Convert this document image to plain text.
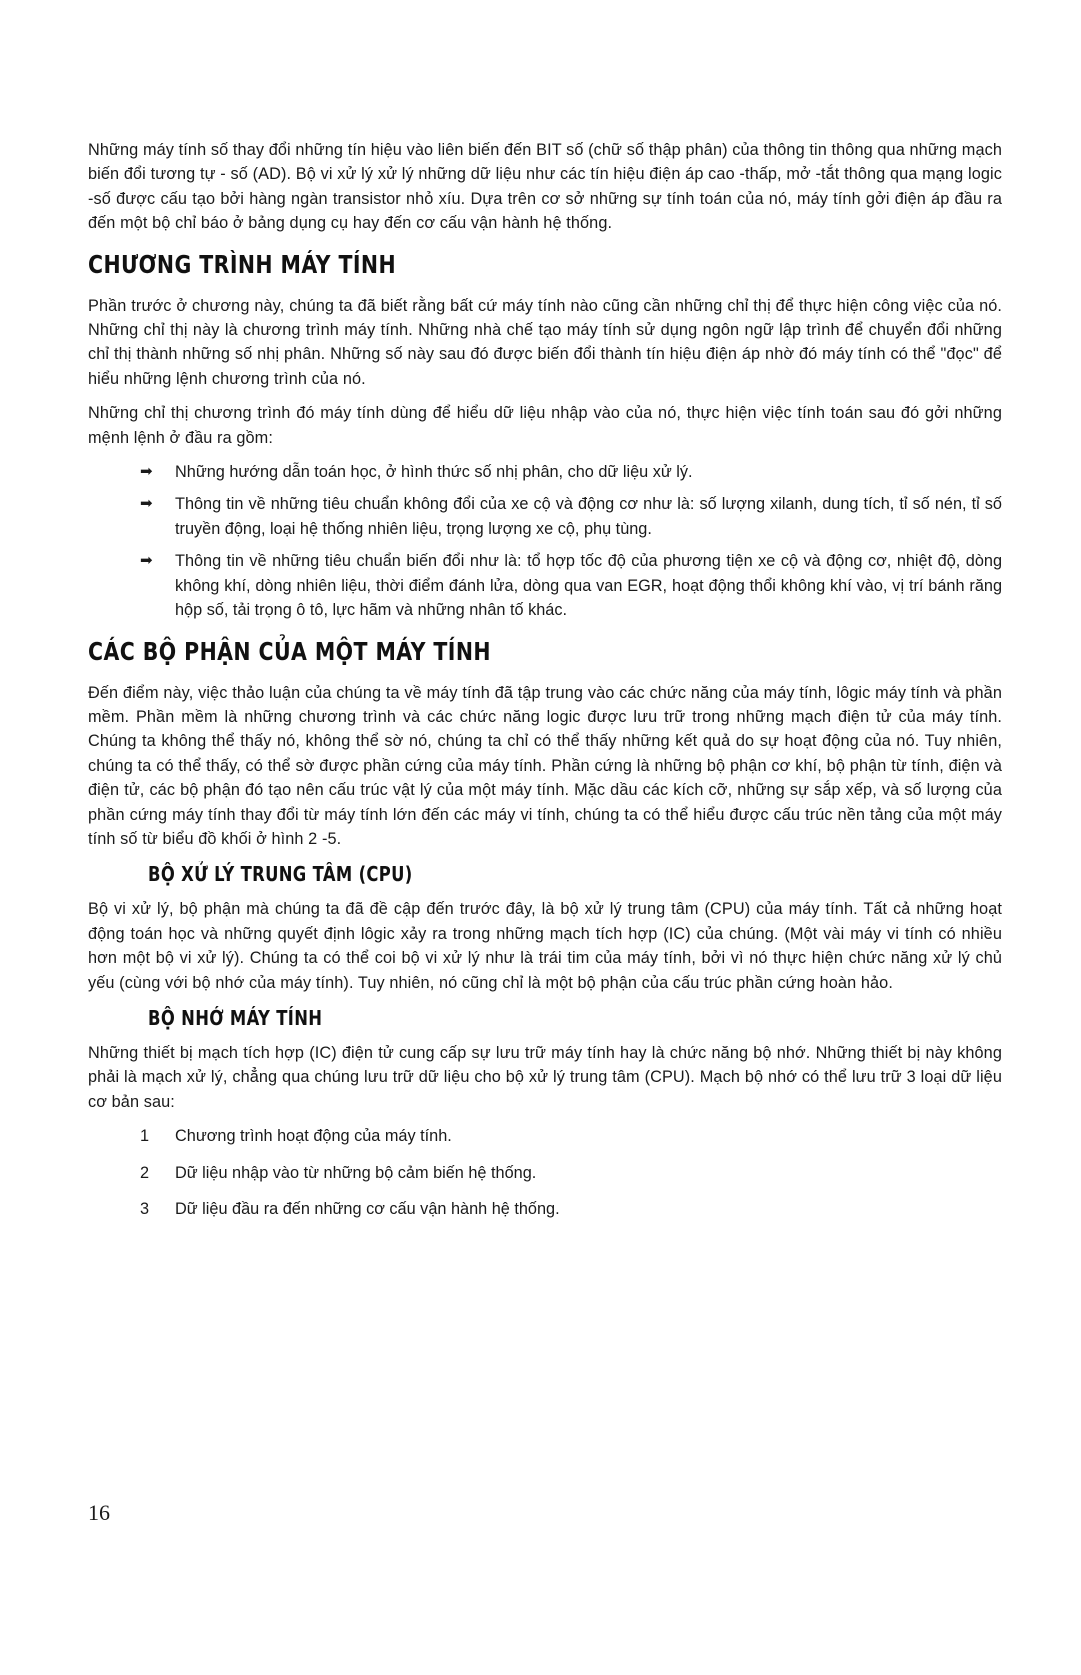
Những máy tính số thay đổi những tín hiệu vào liên biến đến BIT số (chữ số thập phân) của thông tin thông qua những mạch biến đổi tương tự - số (AD). Bộ vi xử lý xử lý những dữ liệu như các tín hiệu điện áp cao -thấp, mở -tắt thông qua mạng logic -số được cấu tạo bởi hàng ngàn transistor nhỏ xíu. Dựa trên cơ sở những sự tính toán của nó, máy tính gởi điện áp đầu ra đến một bộ chỉ báo ở bảng dụng cụ hay đến cơ cấu vận hành hệ thống.

CHƯƠNG TRÌNH MÁY TÍNH

Phần trước ở chương này, chúng ta đã biết rằng bất cứ máy tính nào cũng cần những chỉ thị để thực hiện công việc của nó. Những chỉ thị này là chương trình máy tính. Những nhà chế tạo máy tính sử dụng ngôn ngữ lập trình để chuyển đổi những chỉ thị thành những số nhị phân. Những số này sau đó được biến đổi thành tín hiệu điện áp nhờ đó máy tính có thể "đọc" để hiểu những lệnh chương trình của nó.

Những chỉ thị chương trình đó máy tính dùng để hiểu dữ liệu nhập vào của nó, thực hiện việc tính toán sau đó gởi những mệnh lệnh ở đầu ra gồm:

➡ Những hướng dẫn toán học, ở hình thức số nhị phân, cho dữ liệu xử lý.
➡ Thông tin về những tiêu chuẩn không đổi của xe cộ và động cơ như là: số lượng xilanh, dung tích, tỉ số nén, tỉ số truyền động, loại hệ thống nhiên liệu, trọng lượng xe cộ, phụ tùng.
➡ Thông tin về những tiêu chuẩn biến đổi như là: tổ hợp tốc độ của phương tiện xe cộ và động cơ, nhiệt độ, dòng không khí, dòng nhiên liệu, thời điểm đánh lửa, dòng qua van EGR, hoạt động thổi không khí vào, vị trí bánh răng hộp số, tải trọng ô tô, lực hãm và những nhân tố khác.
CÁC BỘ PHẬN CỦA MỘT MÁY TÍNH

Đến điểm này, việc thảo luận của chúng ta về máy tính đã tập trung vào các chức năng của máy tính, lôgic máy tính và phần mềm. Phần mềm là những chương trình và các chức năng logic được lưu trữ trong những mạch điện tử của máy tính. Chúng ta không thể thấy nó, không thể sờ nó, chúng ta chỉ có thể thấy những kết quả do sự hoạt động của nó. Tuy nhiên, chúng ta có thể thấy, có thể sờ được phần cứng của máy tính. Phần cứng là những bộ phận cơ khí, bộ phận từ tính, điện và điện tử, các bộ phận đó tạo nên cấu trúc vật lý của một máy tính. Mặc dầu các kích cỡ, những sự sắp xếp, và số lượng của phần cứng máy tính thay đổi từ máy tính lớn đến các máy vi tính, chúng ta có thể hiểu được cấu trúc nền tảng của một máy tính số từ biểu đồ khối ở hình 2 -5.

BỘ XỬ LÝ TRUNG TÂM (CPU)

Bộ vi xử lý, bộ phận mà chúng ta đã đề cập đến trước đây, là bộ xử lý trung tâm (CPU) của máy tính. Tất cả những hoạt động toán học và những quyết định lôgic xảy ra trong những mạch tích hợp (IC) của chúng. (Một vài máy vi tính có nhiều hơn một bộ vi xử lý). Chúng ta có thể coi bộ vi xử lý như là trái tim của máy tính, bởi vì nó thực hiện chức năng xử lý chủ yếu (cùng với bộ nhớ của máy tính). Tuy nhiên, nó cũng chỉ là một bộ phận của cấu trúc phần cứng hoàn hảo.

BỘ NHỚ MÁY TÍNH

Những thiết bị mạch tích hợp (IC) điện tử cung cấp sự lưu trữ máy tính hay là chức năng bộ nhớ. Những thiết bị này không phải là mạch xử lý, chẳng qua chúng lưu trữ dữ liệu cho bộ xử lý trung tâm (CPU). Mạch bộ nhớ có thể lưu trữ 3 loại dữ liệu cơ bản sau:

1 Chương trình hoạt động của máy tính.
2 Dữ liệu nhập vào từ những bộ cảm biến hệ thống.
3 Dữ liệu đầu ra đến những cơ cấu vận hành hệ thống.
16
